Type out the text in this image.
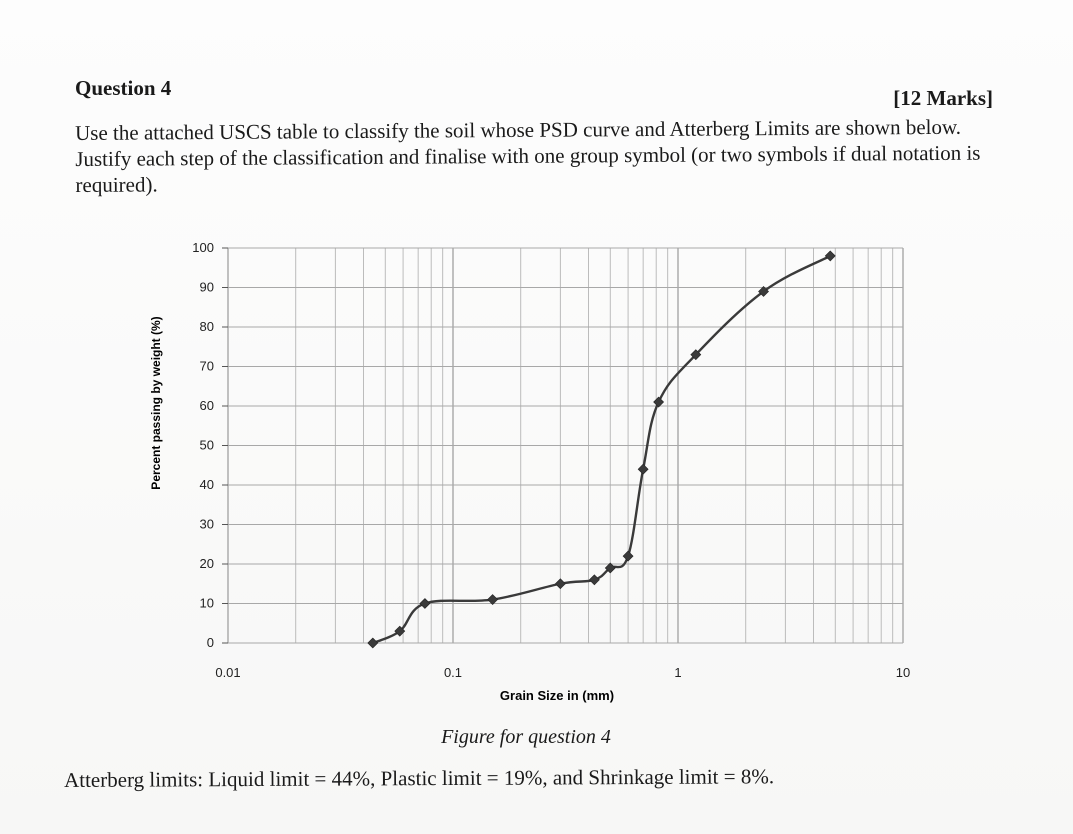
Question 4	[12 Marks]
Use the attached USCS table to classify the soil whose PSD curve and Atterberg Limits are shown below. Justify each step of the classification and finalise with one group symbol (or two symbols if dual notation is required).
0
10
20
30
40
50
60
70
80
90
100
0.01	0.1	1	10
Percent passing by weight (%)
Grain Size in (mm)
Figure for question 4
Atterberg limits: Liquid limit = 44%, Plastic limit = 19%, and Shrinkage limit = 8%.
